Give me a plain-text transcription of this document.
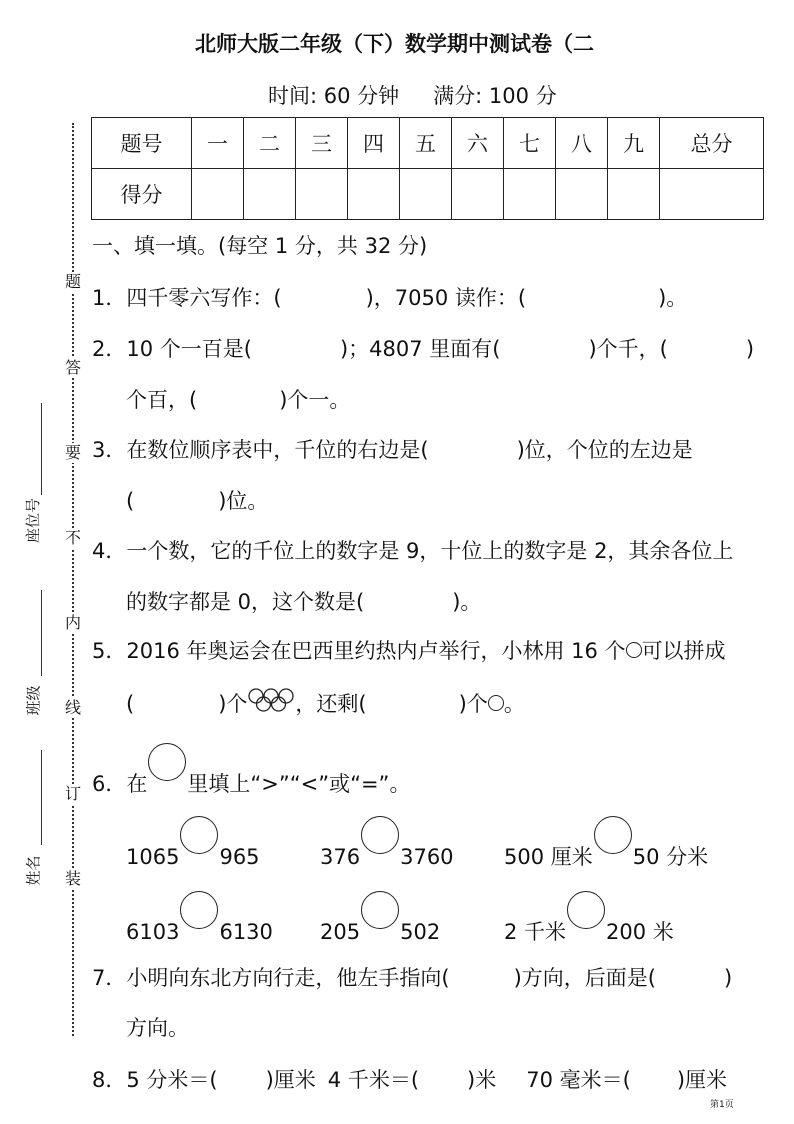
北师大版二年级（下）数学期中测试卷（二
时间: 60 分钟 满分: 100 分
题号	一	二	三	四	五	六	七	八	九	总分
得分										
题
答
要
不
内
线
订
装
座位号
班级
姓名
一、填一填。(每空 1 分，共 32 分)
1．四千零六写作：(	)，7050 读作：(	)。
2．10 个一百是(	)；4807 里面有(	)个千，(	)
个百，(	)个一。
3．在数位顺序表中，千位的右边是(	)位，个位的左边是
(	)位。
4．一个数，它的千位上的数字是 9，十位上的数字是 2，其余各位上
的数字都是 0，这个数是(	)。
5．2016 年奥运会在巴西里约热内卢举行，小林用 16 个 可以拼成
(	)个 ，还剩(	)个 。
6．在 里填上“>”“<”或“=”。
1065 965	376 3760 500 厘米 50 分米
6103 6130 205 502	2 千米 200 米
7．小明向东北方向行走，他左手指向(	)方向，后面是(	)
方向。
8．5 分米＝( )厘米 4 千米＝( )米 70 毫米＝( )厘米
第1页
